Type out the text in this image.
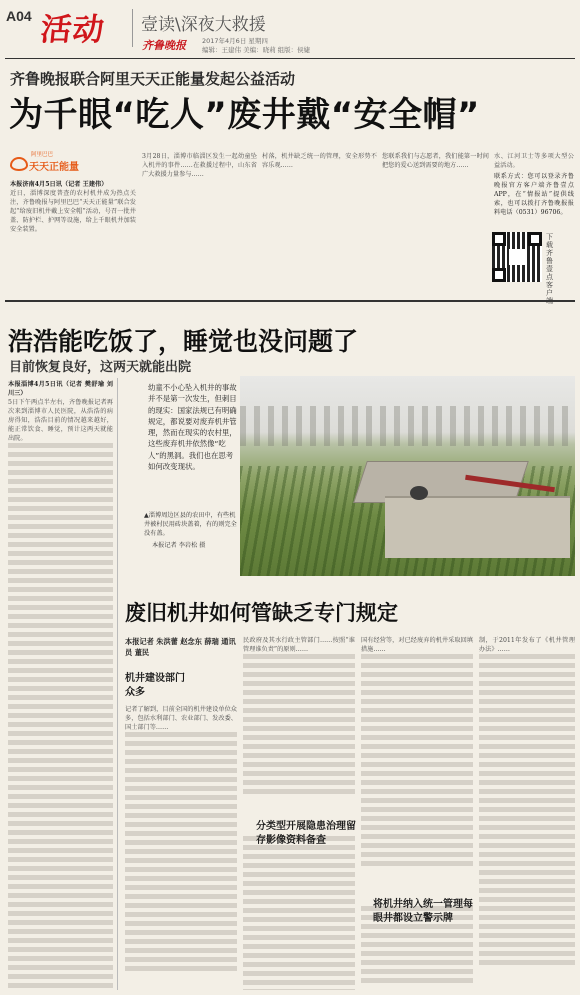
A04 活动 壹读\深夜大救援
齐鲁晚报 2017年4月6日 星期四
编辑：王建伟 美编：晓莉 组版：侯婕
齐鲁晚报联合阿里天天正能量发起公益活动
为千眼“吃人”废井戴“安全帽”
阿里巴巴
天天正能量
本报济南4月5日讯（记者 王建伟）
近日，淄博深度普查的农村机井成为热点关注，齐鲁晚报与阿里巴巴“天天正能量”联合发起“给废旧机井戴上安全帽”活动，号召一批井盖、防护栏、护网等设施，给上千眼机井加装安全装置。
3月28日，淄博市临淄区发生一起幼童坠入机井的事件……在救援过程中，山东省广大救援力量参与……
村落，机井缺乏统一的管理，安全形势不容乐观……
您联系我们与志愿者，我们能第一时间把您的爱心送到需要的地方……
水、江河卫士等多项大型公益活动。
联系方式：您可以登录齐鲁晚报官方客户端齐鲁壹点APP，在“情报站”提供线索，也可以拨打齐鲁晚报报料电话（0531）96706。
下载齐鲁壹点客户
浩浩能吃饭了，睡觉也没问题了
目前恢复良好，这两天就能出院
本报淄博4月5日讯（记者 樊舒瑜 刘川三）
5日下午两点半左右，齐鲁晚报记者再次来到淄博市人民医院，从浩浩的病房得知，浩浩目前的情况越来越好，能正常饮食、睡觉，预计这两天就能出院。
幼童不小心坠入机井的事故并不是第一次发生，但刺目的现实：国家法规已有明确规定，都说要对废弃机井管理，然而在现实的农村里，这些废弃机井依然像“吃人”的黑洞。我们也在思考如何改变现状。
▲淄博周边区县的农田中，有些机井被村民用砖块盖着，有的则完全没有盖。
本报记者 李岩松 摄
废旧机井如何管缺乏专门规定
本报记者 朱洪蕾 赵念东 薛瑞 通讯员 董民
机井建设部门众多
记者了解到，目前全国的机井建设单位众多，包括水利部门、农业部门、发改委、国土部门等……
民政府及其水行政主管部门……按照“谁管理谁负责”的原则……
分类型开展隐患治理留存影像资料备查
国有经营等，对已经废弃的机井采取回填措施……
将机井纳入统一管理每眼井都设立警示牌
制，于2011年发布了《机井管理办法》……
